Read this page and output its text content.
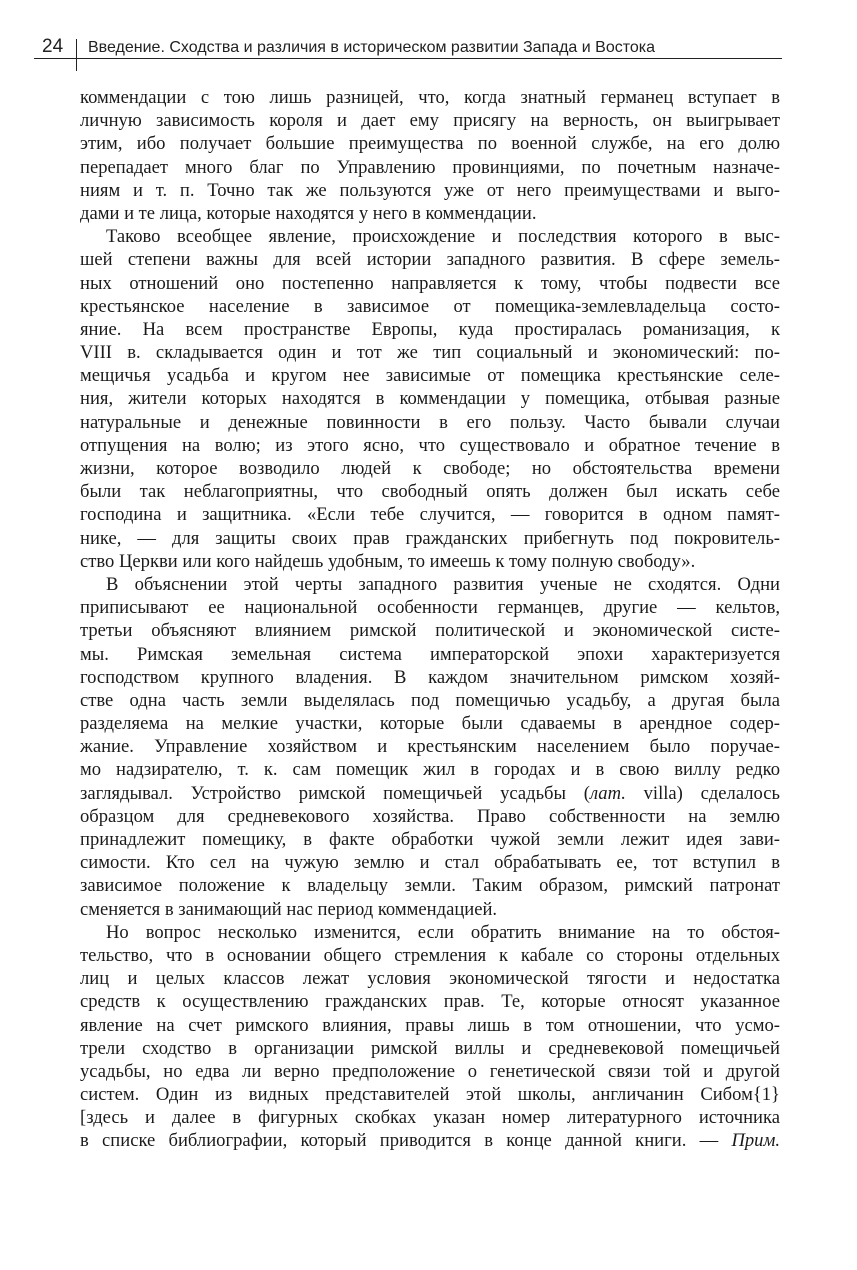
24 Введение. Сходства и различия в историческом развитии Запада и Востока
коммендации с тою лишь разницей, что, когда знатный германец вступает в
личную зависимость короля и дает ему присягу на верность, он выигрывает
этим, ибо получает большие преимущества по военной службе, на его долю
перепадает много благ по Управлению провинциями, по почетным назначе-
ниям и т. п. Точно так же пользуются уже от него преимуществами и выго-
дами и те лица, которые находятся у него в коммендации.
Таково всеобщее явление, происхождение и последствия которого в выс-
шей степени важны для всей истории западного развития. В сфере земель-
ных отношений оно постепенно направляется к тому, чтобы подвести все
крестьянское население в зависимое от помещика-землевладельца состо-
яние. На всем пространстве Европы, куда простиралась романизация, к
VIII в. складывается один и тот же тип социальный и экономический: по-
мещичья усадьба и кругом нее зависимые от помещика крестьянские селе-
ния, жители которых находятся в коммендации у помещика, отбывая разные
натуральные и денежные повинности в его пользу. Часто бывали случаи
отпущения на волю; из этого ясно, что существовало и обратное течение в
жизни, которое возводило людей к свободе; но обстоятельства времени
были так неблагоприятны, что свободный опять должен был искать себе
господина и защитника. «Если тебе случится, — говорится в одном памят-
нике, — для защиты своих прав гражданских прибегнуть под покровитель-
ство Церкви или кого найдешь удобным, то имеешь к тому полную свободу».
В объяснении этой черты западного развития ученые не сходятся. Одни
приписывают ее национальной особенности германцев, другие — кельтов,
третьи объясняют влиянием римской политической и экономической систе-
мы. Римская земельная система императорской эпохи характеризуется
господством крупного владения. В каждом значительном римском хозяй-
стве одна часть земли выделялась под помещичью усадьбу, а другая была
разделяема на мелкие участки, которые были сдаваемы в арендное содер-
жание. Управление хозяйством и крестьянским населением было поручае-
мо надзирателю, т. к. сам помещик жил в городах и в свою виллу редко
заглядывал. Устройство римской помещичьей усадьбы (лат. villa) сделалось
образцом для средневекового хозяйства. Право собственности на землю
принадлежит помещику, в факте обработки чужой земли лежит идея зави-
симости. Кто сел на чужую землю и стал обрабатывать ее, тот вступил в
зависимое положение к владельцу земли. Таким образом, римский патронат
сменяется в занимающий нас период коммендацией.
Но вопрос несколько изменится, если обратить внимание на то обстоя-
тельство, что в основании общего стремления к кабале со стороны отдельных
лиц и целых классов лежат условия экономической тягости и недостатка
средств к осуществлению гражданских прав. Те, которые относят указанное
явление на счет римского влияния, правы лишь в том отношении, что усмо-
трели сходство в организации римской виллы и средневековой помещичьей
усадьбы, но едва ли верно предположение о генетической связи той и другой
систем. Один из видных представителей этой школы, англичанин Сибом{1}
[здесь и далее в фигурных скобках указан номер литературного источника
в списке библиографии, который приводится в конце данной книги. — Прим.
